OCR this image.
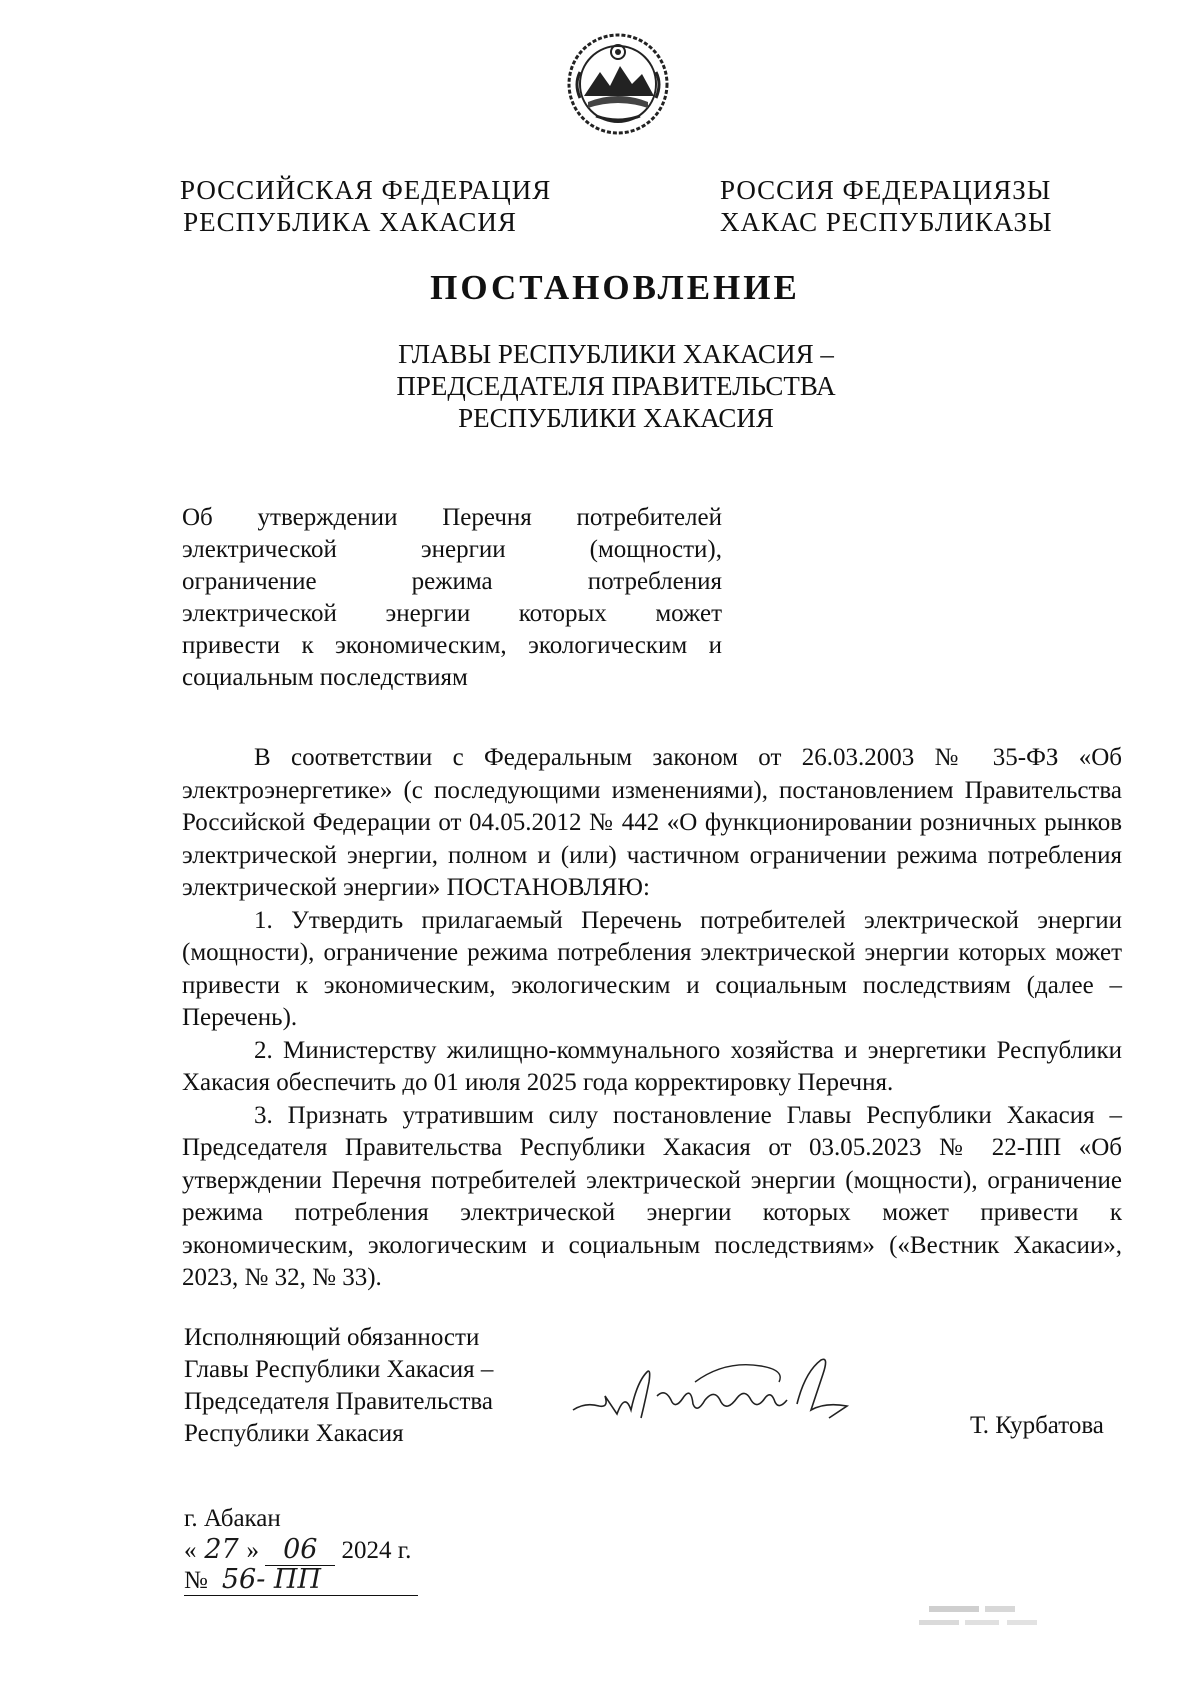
РОССИЙСКАЯ ФЕДЕРАЦИЯ
РЕСПУБЛИКА ХАКАСИЯ
РОССИЯ ФЕДЕРАЦИЯЗЫ
ХАКАС РЕСПУБЛИКАЗЫ
ПОСТАНОВЛЕНИЕ
ГЛАВЫ РЕСПУБЛИКИ ХАКАСИЯ –
ПРЕДСЕДАТЕЛЯ ПРАВИТЕЛЬСТВА
РЕСПУБЛИКИ ХАКАСИЯ
Об утверждении Перечня потребителей
электрической энергии (мощности),
ограничение режима потребления
электрической энергии которых может
привести к экономическим, экологическим и
социальным последствиям

В соответствии с Федеральным законом от 26.03.2003 № 35-ФЗ «Об электроэнергетике» (с последующими изменениями), постановлением Правительства Российской Федерации от 04.05.2012 № 442 «О функционировании розничных рынков электрической энергии, полном и (или) частичном ограничении режима потребления электрической энергии» ПОСТАНОВЛЯЮ:

1. Утвердить прилагаемый Перечень потребителей электрической энергии (мощности), ограничение режима потребления электрической энергии которых может привести к экономическим, экологическим и социальным последствиям (далее – Перечень).

2. Министерству жилищно-коммунального хозяйства и энергетики Республики Хакасия обеспечить до 01 июля 2025 года корректировку Перечня.

3. Признать утратившим силу постановление Главы Республики Хакасия – Председателя Правительства Республики Хакасия от 03.05.2023 № 22-ПП «Об утверждении Перечня потребителей электрической энергии (мощности), ограничение режима потребления электрической энергии которых может привести к экономическим, экологическим и социальным последствиям» («Вестник Хакасии», 2023, № 32, № 33).

Исполняющий обязанности
Главы Республики Хакасия –
Председателя Правительства
Республики Хакасия	Т. Курбатова
г. Абакан
« 27 » 06 2024 г.
№ 56- ПП
